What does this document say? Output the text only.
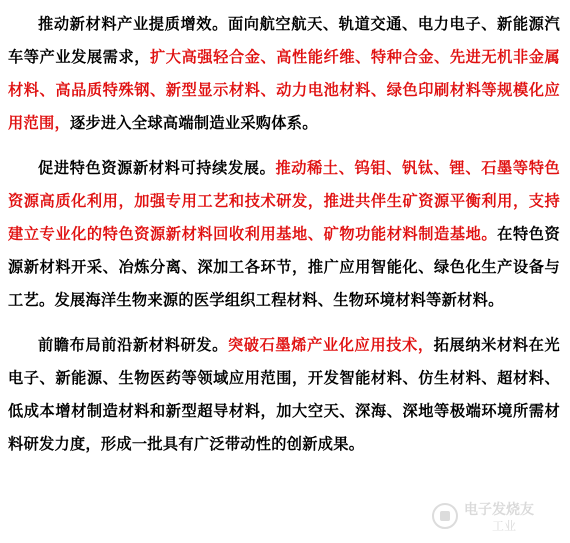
推动新材料产业提质增效。面向航空航天、轨道交通、电力电子、新能源汽车等产业发展需求，扩大高强轻合金、高性能纤维、特种合金、先进无机非金属材料、高品质特殊钢、新型显示材料、动力电池材料、绿色印刷材料等规模化应用范围，逐步进入全球高端制造业采购体系。

促进特色资源新材料可持续发展。推动稀土、钨钼、钒钛、锂、石墨等特色资源高质化利用，加强专用工艺和技术研发，推进共伴生矿资源平衡利用，支持建立专业化的特色资源新材料回收利用基地、矿物功能材料制造基地。在特色资源新材料开采、冶炼分离、深加工各环节，推广应用智能化、绿色化生产设备与工艺。发展海洋生物来源的医学组织工程材料、生物环境材料等新材料。

前瞻布局前沿新材料研发。突破石墨烯产业化应用技术，拓展纳米材料在光电子、新能源、生物医药等领域应用范围，开发智能材料、仿生材料、超材料、低成本增材制造材料和新型超导材料，加大空天、深海、深地等极端环境所需材料研发力度，形成一批具有广泛带动性的创新成果。

电子发烧友
工业
